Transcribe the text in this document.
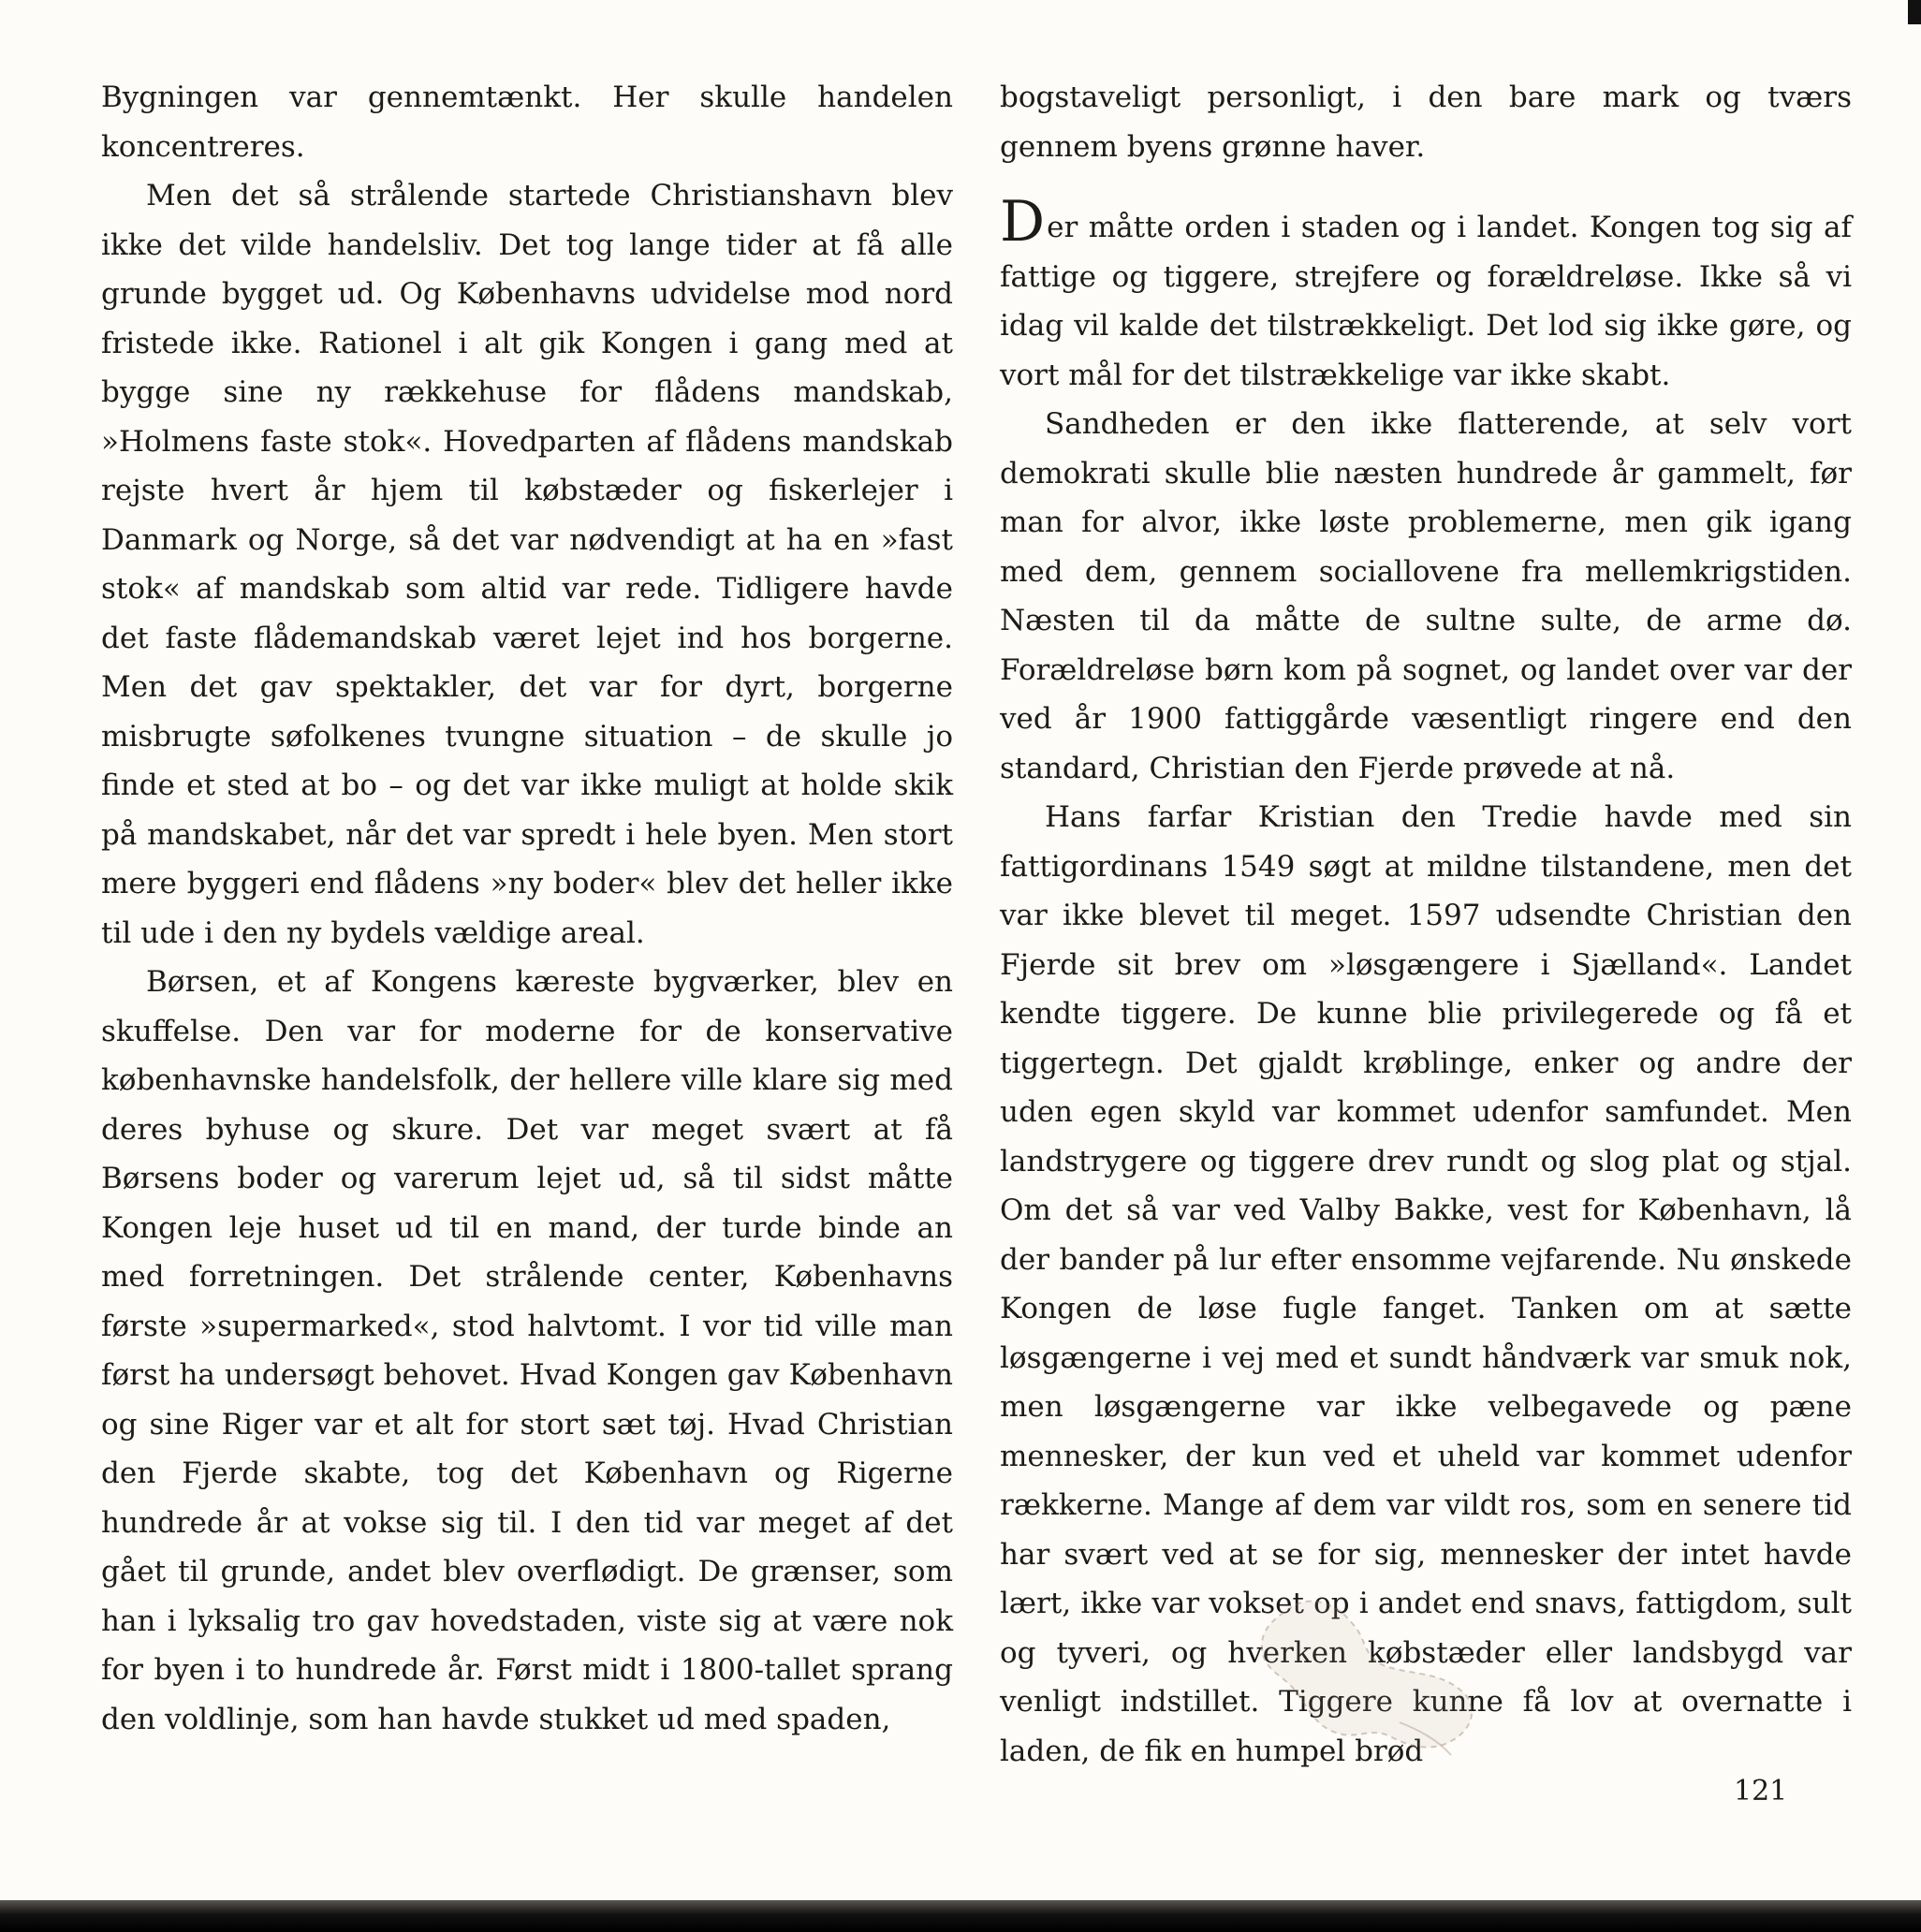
Bygningen var gennemtænkt. Her skulle handelen koncentreres.

Men det så strålende startede Christianshavn blev ikke det vilde handelsliv. Det tog lange tider at få alle grunde bygget ud. Og Københavns udvidelse mod nord fristede ikke. Rationel i alt gik Kongen i gang med at bygge sine ny rækkehuse for flådens mandskab, »Holmens faste stok«. Hovedparten af flådens mandskab rejste hvert år hjem til købstæder og fiskerlejer i Danmark og Norge, så det var nødvendigt at ha en »fast stok« af mandskab som altid var rede. Tidligere havde det faste flådemandskab været lejet ind hos borgerne. Men det gav spektakler, det var for dyrt, borgerne misbrugte søfolkenes tvungne situation – de skulle jo finde et sted at bo – og det var ikke muligt at holde skik på mandskabet, når det var spredt i hele byen. Men stort mere byggeri end flådens »ny boder« blev det heller ikke til ude i den ny bydels vældige areal.

Børsen, et af Kongens kæreste bygværker, blev en skuffelse. Den var for moderne for de konservative københavnske handelsfolk, der hellere ville klare sig med deres byhuse og skure. Det var meget svært at få Børsens boder og varerum lejet ud, så til sidst måtte Kongen leje huset ud til en mand, der turde binde an med forretningen. Det strålende center, Københavns første »supermarked«, stod halvtomt. I vor tid ville man først ha undersøgt behovet. Hvad Kongen gav København og sine Riger var et alt for stort sæt tøj. Hvad Christian den Fjerde skabte, tog det København og Rigerne hundrede år at vokse sig til. I den tid var meget af det gået til grunde, andet blev overflødigt. De grænser, som han i lyksalig tro gav hovedstaden, viste sig at være nok for byen i to hundrede år. Først midt i 1800-tallet sprang den voldlinje, som han havde stukket ud med spaden,

bogstaveligt personligt, i den bare mark og tværs gennem byens grønne haver.

Der måtte orden i staden og i landet. Kongen tog sig af fattige og tiggere, strejfere og forældreløse. Ikke så vi idag vil kalde det tilstrækkeligt. Det lod sig ikke gøre, og vort mål for det tilstrækkelige var ikke skabt.

Sandheden er den ikke flatterende, at selv vort demokrati skulle blie næsten hundrede år gammelt, før man for alvor, ikke løste problemerne, men gik igang med dem, gennem sociallovene fra mellemkrigstiden. Næsten til da måtte de sultne sulte, de arme dø. Forældreløse børn kom på sognet, og landet over var der ved år 1900 fattiggårde væsentligt ringere end den standard, Christian den Fjerde prøvede at nå.

Hans farfar Kristian den Tredie havde med sin fattigordinans 1549 søgt at mildne tilstandene, men det var ikke blevet til meget. 1597 udsendte Christian den Fjerde sit brev om »løsgængere i Sjælland«. Landet kendte tiggere. De kunne blie privilegerede og få et tiggertegn. Det gjaldt krøblinge, enker og andre der uden egen skyld var kommet udenfor samfundet. Men landstrygere og tiggere drev rundt og slog plat og stjal. Om det så var ved Valby Bakke, vest for København, lå der bander på lur efter ensomme vejfarende. Nu ønskede Kongen de løse fugle fanget. Tanken om at sætte løsgængerne i vej med et sundt håndværk var smuk nok, men løsgængerne var ikke velbegavede og pæne mennesker, der kun ved et uheld var kommet udenfor rækkerne. Mange af dem var vildt ros, som en senere tid har svært ved at se for sig, mennesker der intet havde lært, ikke var vokset op i andet end snavs, fattigdom, sult og tyveri, og hverken købstæder eller landsbygd var venligt indstillet. Tiggere kunne få lov at overnatte i laden, de fik en humpel brød

121
